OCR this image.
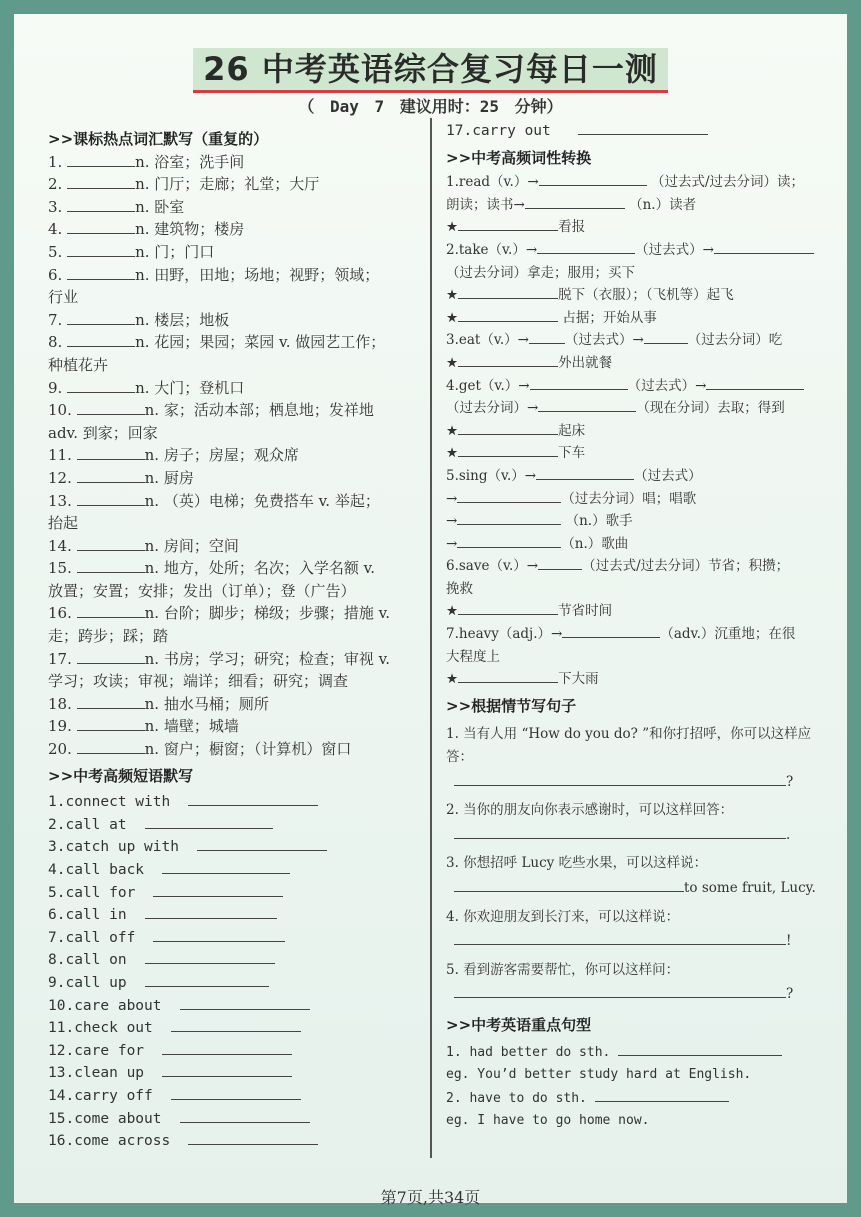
26 中考英语综合复习每日一测
（ Day 7 建议用时：25 分钟）
>>课标热点词汇默写（重复的）
1.	n. 浴室；洗手间
2.	n. 门厅；走廊；礼堂；大厅
3.	n. 卧室
4.	n. 建筑物；楼房
5.	n. 门；门口
6.	n. 田野，田地；场地；视野；领域；
行业
7.	n. 楼层；地板
8.	n. 花园；果园；菜园 v. 做园艺工作；
种植花卉
9.	n. 大门；登机口
10.	n. 家；活动本部；栖息地；发祥地
adv. 到家；回家
11.	n. 房子；房屋；观众席
12.	n. 厨房
13.	n. （英）电梯；免费搭车 v. 举起；
抬起
14.	n. 房间；空间
15.	n. 地方，处所；名次；入学名额 v.
放置；安置；安排；发出（订单）；登（广告）
16.	n. 台阶；脚步；梯级；步骤；措施 v.
走；跨步；踩；踏
17.	n. 书房；学习；研究；检查；审视 v.
学习；攻读；审视；端详；细看；研究；调查
18.	n. 抽水马桶；厕所
19.	n. 墙壁；城墙
20.	n. 窗户；橱窗；（计算机）窗口
>>中考高频短语默写
1.connect with
2.call at
3.catch up with
4.call back
5.call for
6.call in
7.call off
8.call on
9.call up
10.care about
11.check out
12.care for
13.clean up
14.carry off
15.come about
16.come across
17.carry out
>>中考高频词性转换
1.read（v.）→	（过去式/过去分词）读；
朗读；读书→	（n.）读者
★	看报
2.take（v.）→	（过去式）→
（过去分词）拿走；服用；买下
★	脱下（衣服）；（飞机等）起飞
★	占据；开始从事
3.eat（v.）→	（过去式）→	（过去分词）吃
★	外出就餐
4.get（v.）→	（过去式）→
（过去分词）→	（现在分词）去取；得到
★	起床
★	下车
5.sing（v.）→	（过去式）
→	（过去分词）唱；唱歌
→	（n.）歌手
→	（n.）歌曲
6.save（v.）→	（过去式/过去分词）节省；积攒；
挽救
★	节省时间
7.heavy（adj.）→	（adv.）沉重地；在很
大程度上
★	下大雨
>>根据情节写句子
1. 当有人用 “How do you do? ”和你打招呼，你可以这样应
答：
?
2. 当你的朋友向你表示感谢时，可以这样回答：
.
3. 你想招呼 Lucy 吃些水果，可以这样说：
to some fruit, Lucy.
4. 你欢迎朋友到长汀来，可以这样说：
!
5. 看到游客需要帮忙，你可以这样问：
?
>>中考英语重点句型
1. had better do sth.
eg. You’d better study hard at English.
2. have to do sth.
eg. I have to go home now.
第7页,共34页
